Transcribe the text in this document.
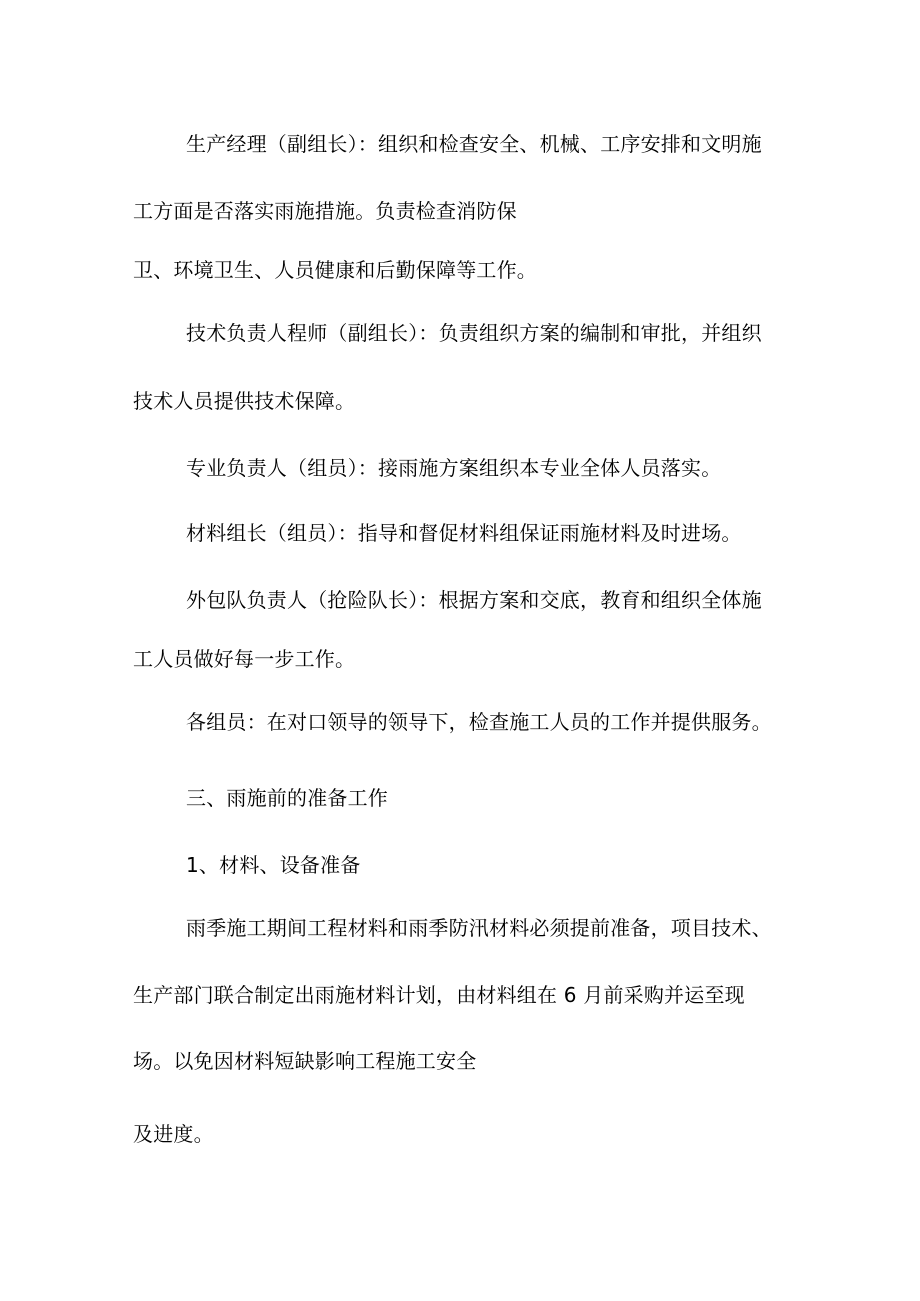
生产经理（副组长）：组织和检查安全、机械、工序安排和文明施
工方面是否落实雨施措施。负责检查消防保
卫、环境卫生、人员健康和后勤保障等工作。
技术负责人程师（副组长）：负责组织方案的编制和审批，并组织
技术人员提供技术保障。
专业负责人（组员）：接雨施方案组织本专业全体人员落实。
材料组长（组员）：指导和督促材料组保证雨施材料及时进场。
外包队负责人（抢险队长）：根据方案和交底，教育和组织全体施
工人员做好每一步工作。
各组员：在对口领导的领导下，检查施工人员的工作并提供服务。
三、雨施前的准备工作
1、材料、设备准备
雨季施工期间工程材料和雨季防汛材料必须提前准备，项目技术、
生产部门联合制定出雨施材料计划，由材料组在 6 月前采购并运至现
场。以免因材料短缺影响工程施工安全
及进度。
